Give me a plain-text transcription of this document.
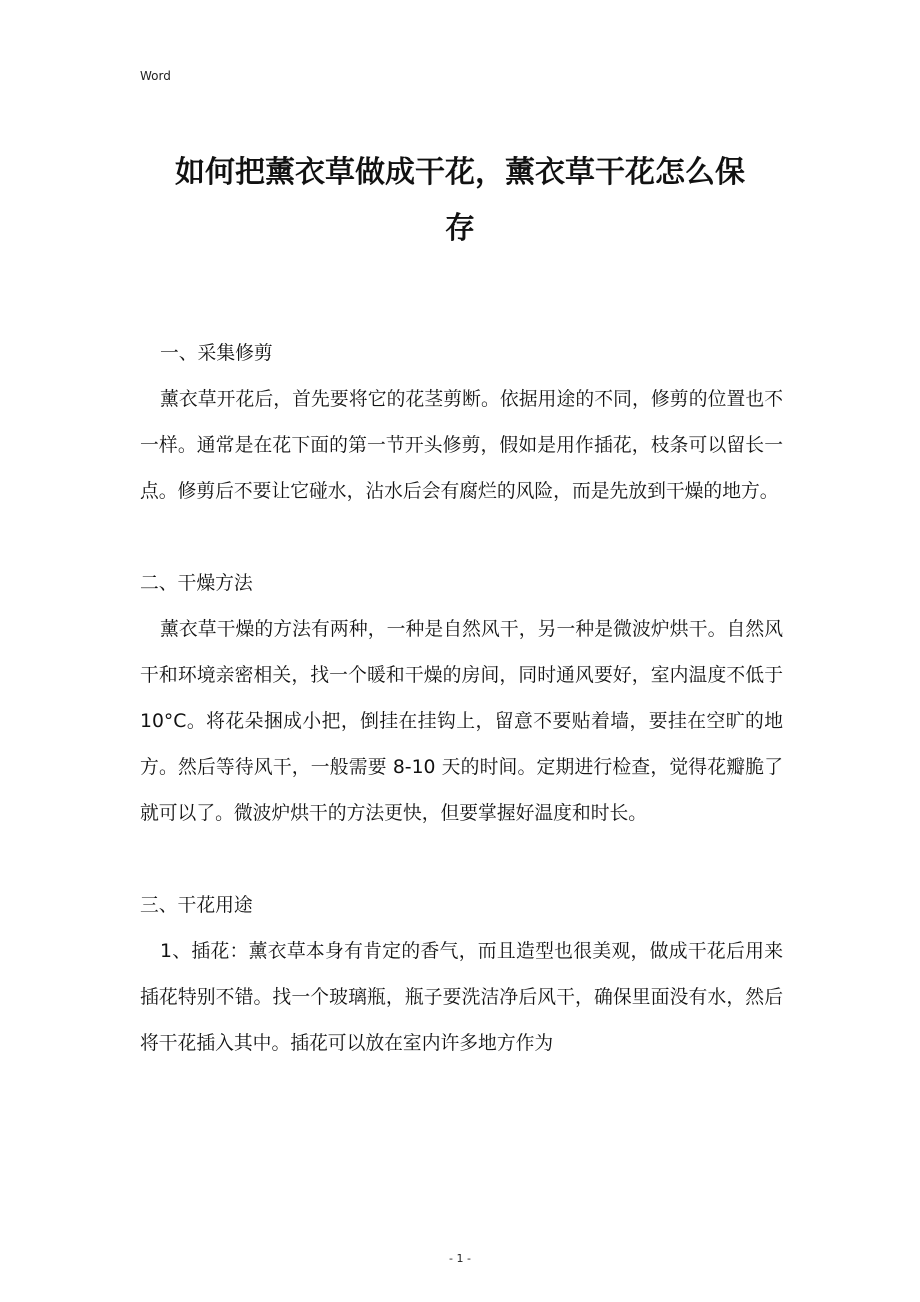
Word
如何把薰衣草做成干花，薰衣草干花怎么保
存

一、采集修剪

薰衣草开花后，首先要将它的花茎剪断。依据用途的不同，修剪的位置也不一样。通常是在花下面的第一节开头修剪，假如是用作插花，枝条可以留长一点。修剪后不要让它碰水，沾水后会有腐烂的风险，而是先放到干燥的地方。

二、干燥方法

薰衣草干燥的方法有两种，一种是自然风干，另一种是微波炉烘干。自然风干和环境亲密相关，找一个暖和干燥的房间，同时通风要好，室内温度不低于 10°C。将花朵捆成小把，倒挂在挂钩上，留意不要贴着墙，要挂在空旷的地方。然后等待风干，一般需要 8-10 天的时间。定期进行检查，觉得花瓣脆了就可以了。微波炉烘干的方法更快，但要掌握好温度和时长。

三、干花用途

1、插花：薰衣草本身有肯定的香气，而且造型也很美观，做成干花后用来插花特别不错。找一个玻璃瓶，瓶子要洗洁净后风干，确保里面没有水，然后将干花插入其中。插花可以放在室内许多地方作为

- 1 -
